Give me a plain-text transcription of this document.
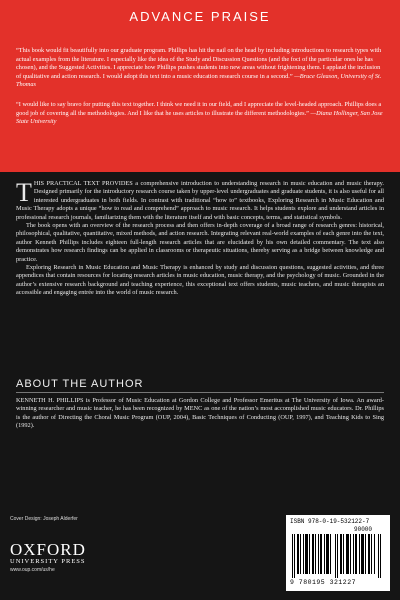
ADVANCE PRAISE
“This book would fit beautifully into our graduate program. Phillips has hit the nail on the head by including introductions to research types with actual examples from the literature. I especially like the idea of the Study and Discussion Questions (and the foci of the particular ones he has chosen), and the Suggested Activities. I appreciate how Phillips pushes students into new areas without frightening them. I applaud the inclusion of qualitative and action research. I would adopt this text into a music education research course in a second.” —Bruce Gleason, University of St. Thomas
“I would like to say bravo for putting this text together. I think we need it in our field, and I appreciate the level-headed approach. Phillips does a good job of covering all the methodologies. And I like that he uses articles to illustrate the different methodologies.” —Diana Hollinger, San Jose State University
T HIS PRACTICAL TEXT PROVIDES a comprehensive introduction to understanding research in music education and music therapy. Designed primarily for the introductory research course taken by upper-level undergraduates and graduate students, it is also useful for all interested undergraduates in both fields. In contrast with traditional “how to” textbooks, Exploring Research in Music Education and Music Therapy adopts a unique “how to read and comprehend” approach to music research. It helps students explore and understand articles in professional research journals, familiarizing them with the literature itself and with basic concepts, terms, and statistical symbols.

The book opens with an overview of the research process and then offers in-depth coverage of a broad range of research genres: historical, philosophical, qualitative, quantitative, mixed methods, and action research. Integrating relevant real-world examples of each genre into the text, author Kenneth Phillips includes eighteen full-length research articles that are elucidated by his own detailed commentary. The text also demonstrates how research findings can be applied in classrooms or therapeutic situations, thereby serving as a bridge between knowledge and practice.

Exploring Research in Music Education and Music Therapy is enhanced by study and discussion questions, suggested activities, and three appendices that contain resources for locating research articles in music education, music therapy, and the psychology of music. Grounded in the author’s extensive research background and teaching experience, this exceptional text offers students, music teachers, and music therapists an accessible and engaging entrée into the world of music research.

ABOUT THE AUTHOR
KENNETH H. PHILLIPS is Professor of Music Education at Gordon College and Professor Emeritus at The University of Iowa. An award-winning researcher and music teacher, he has been recognized by MENC as one of the nation’s most accomplished music educators. Dr. Phillips is the author of Directing the Choral Music Program (OUP, 2004), Basic Techniques of Conducting (OUP, 1997), and Teaching Kids to Sing (1992).
Cover Design: Joseph Alderfer
OXFORD
UNIVERSITY PRESS
www.oup.com/us/he
ISBN 978-0-19-532122-7
90000
9 780195 321227
